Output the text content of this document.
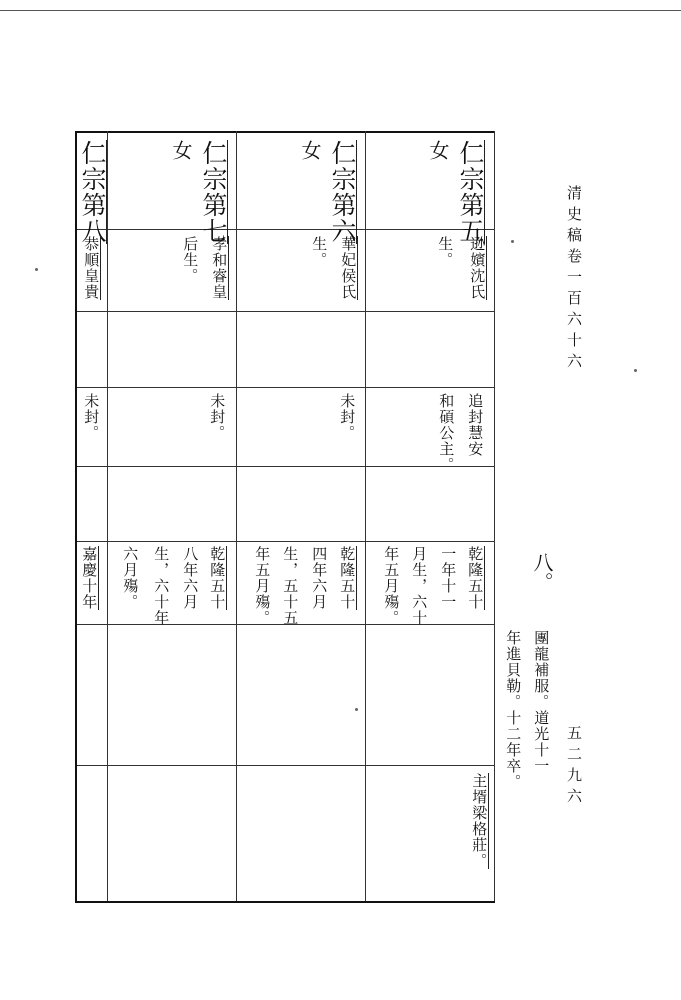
清史稿卷一百六十六
五二九六
仁宗第五
女
逊嬪沈氏
生。
追封慧安
和碩公主。
乾隆五十
一年十一
月生，六十
年五月殤。
仁宗第六
女
華妃侯氏
生。
未封。
乾隆五十
四年六月
生，五十五
年五月殤。
仁宗第七
女
孝和睿皇
后生。
未封。
乾隆五十
八年六月
生，六十年
六月殤。
仁宗第八
恭順皇貴
未封。
嘉慶十年	八。
團龍補服。道光十一
年進貝勒。十二年卒。
主壻梁格莊。
